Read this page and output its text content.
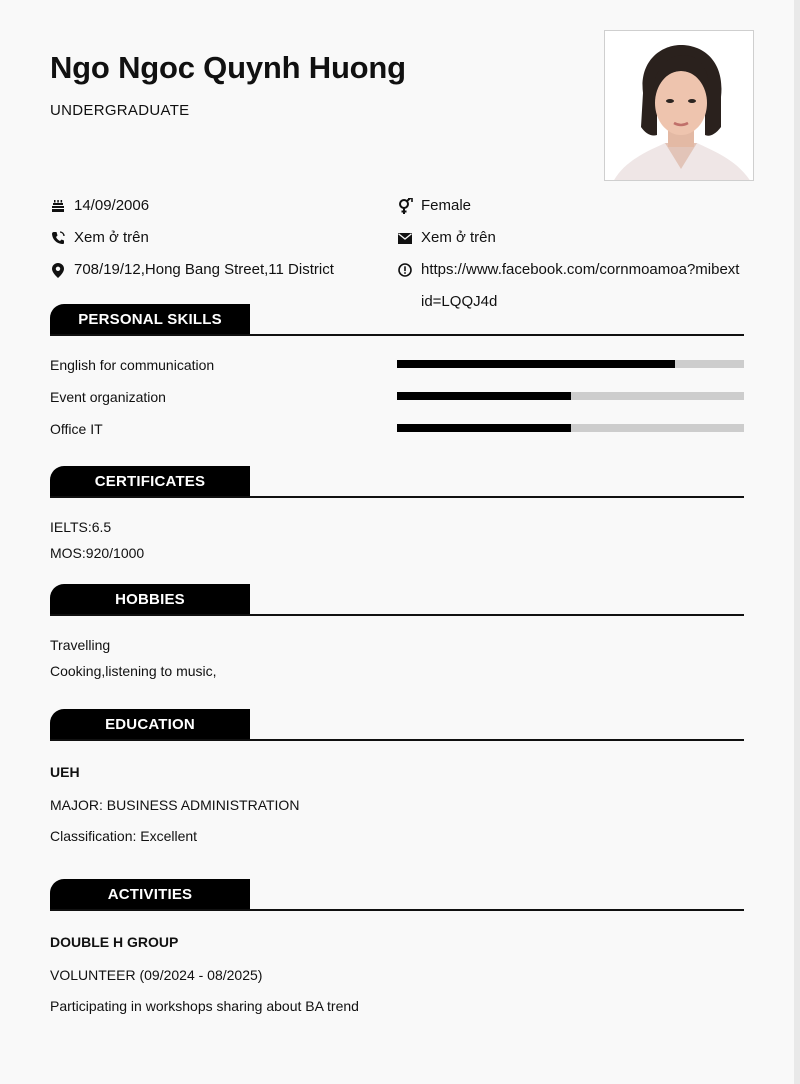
Ngo Ngoc Quynh Huong
UNDERGRADUATE
14/09/2006
Xem ở trên
708/19/12,Hong Bang Street,11 District
Female
Xem ở trên
https://www.facebook.com/cornmoamoa?mibextid=LQQJ4d
PERSONAL SKILLS
English for communication
Event organization
Office IT
CERTIFICATES
IELTS:6.5
MOS:920/1000
HOBBIES
Travelling
Cooking,listening to music,
EDUCATION
UEH
MAJOR: BUSINESS ADMINISTRATION
Classification: Excellent
ACTIVITIES
DOUBLE H GROUP
VOLUNTEER (09/2024 - 08/2025)
Participating in workshops sharing about BA trend
